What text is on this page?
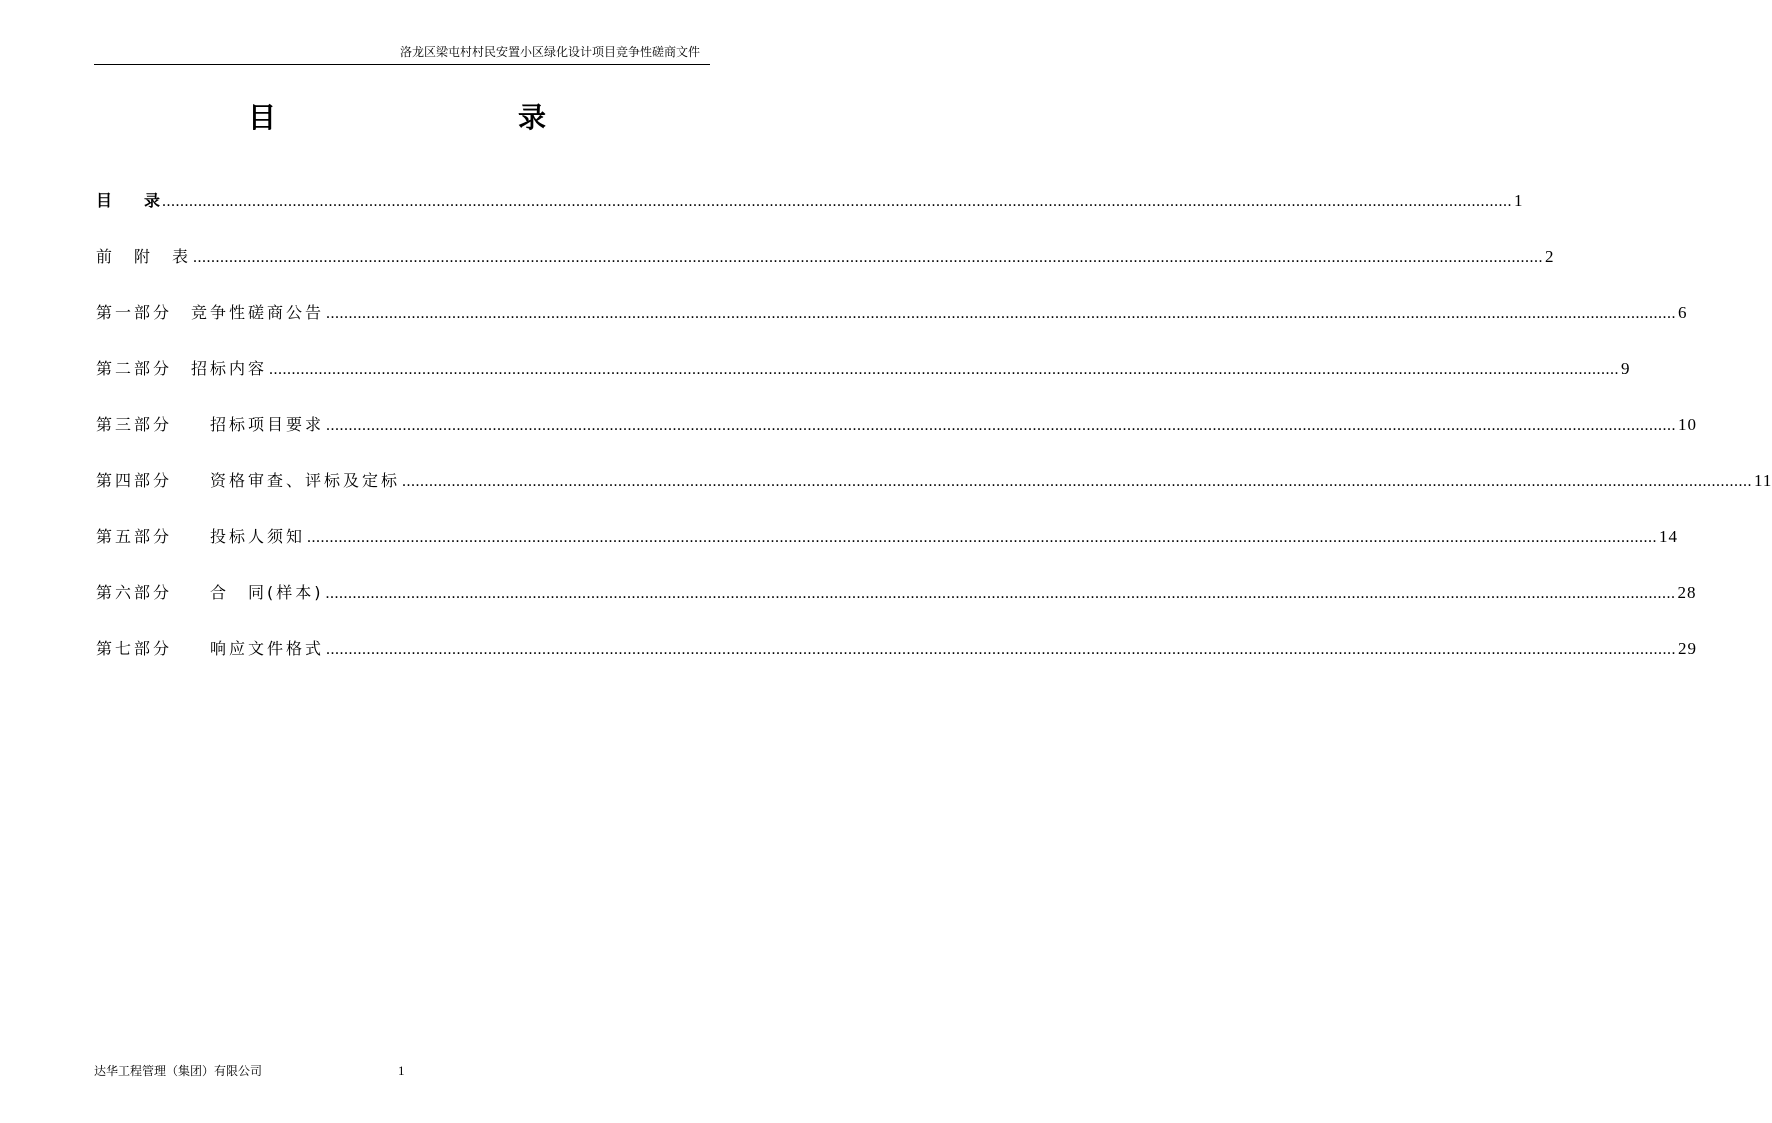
洛龙区梁屯村村民安置小区绿化设计项目竞争性磋商文件
目　　录
目　　录 ............................................................................................................................................................................................................................................................................................................ 1
前　附　表 ............................................................................................................................................................................................................................................................................................................ 2
第一部分　竞争性磋商公告 ............................................................................................................................................................................................................................................................................................................ 6
第二部分　招标内容 ............................................................................................................................................................................................................................................................................................................ 9
第三部分　　招标项目要求 ............................................................................................................................................................................................................................................................................................................ 10
第四部分　　资格审查、评标及定标 ............................................................................................................................................................................................................................................................................................................ 11
第五部分　　投标人须知 ............................................................................................................................................................................................................................................................................................................ 14
第六部分　　合　同(样本) ............................................................................................................................................................................................................................................................................................................ 28
第七部分　　响应文件格式 ............................................................................................................................................................................................................................................................................................................ 29
达华工程管理（集团）有限公司	1
